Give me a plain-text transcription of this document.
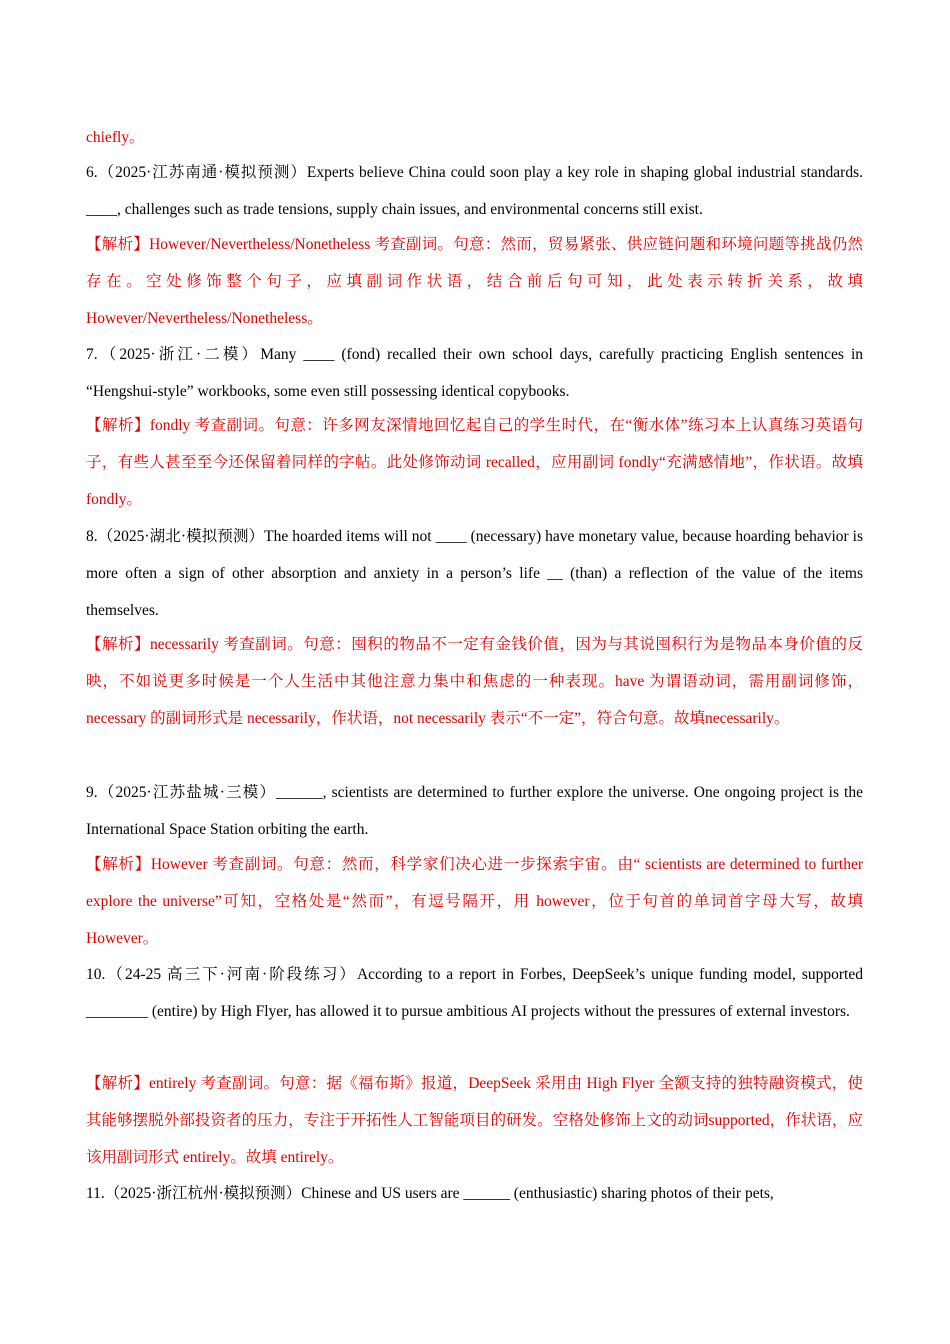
chiefly。

6.（2025·江苏南通·模拟预测）Experts believe China could soon play a key role in shaping global industrial standards. ____, challenges such as trade tensions, supply chain issues, and environmental concerns still exist.

【解析】However/Nevertheless/Nonetheless 考查副词。句意：然而，贸易紧张、供应链问题和环境问题等挑战仍然存在。空处修饰整个句子，应填副词作状语，结合前后句可知，此处表示转折关系，故填However/Nevertheless/Nonetheless。

7.（2025·浙江·二模）Many ____ (fond) recalled their own school days, carefully practicing English sentences in “Hengshui-style” workbooks, some even still possessing identical copybooks.

【解析】fondly 考查副词。句意：许多网友深情地回忆起自己的学生时代，在“衡水体”练习本上认真练习英语句子，有些人甚至至今还保留着同样的字帖。此处修饰动词 recalled，应用副词 fondly“充满感情地”，作状语。故填 fondly。

8.（2025·湖北·模拟预测）The hoarded items will not ____ (necessary) have monetary value, because hoarding behavior is more often a sign of other absorption and anxiety in a person’s life __ (than) a reflection of the value of the items themselves.

【解析】necessarily 考查副词。句意：囤积的物品不一定有金钱价值，因为与其说囤积行为是物品本身价值的反映，不如说更多时候是一个人生活中其他注意力集中和焦虑的一种表现。have 为谓语动词，需用副词修饰，necessary 的副词形式是 necessarily，作状语，not necessarily 表示“不一定”，符合句意。故填necessarily。

9.（2025·江苏盐城·三模）______, scientists are determined to further explore the universe. One ongoing project is the International Space Station orbiting the earth.

【解析】However 考查副词。句意：然而，科学家们决心进一步探索宇宙。由“ scientists are determined to further explore the universe”可知，空格处是“然而”，有逗号隔开，用 however，位于句首的单词首字母大写，故填 However。

10.（24-25 高三下·河南·阶段练习）According to a report in Forbes, DeepSeek’s unique funding model, supported ________ (entire) by High Flyer, has allowed it to pursue ambitious AI projects without the pressures of external investors.

【解析】entirely 考查副词。句意：据《福布斯》报道，DeepSeek 采用由 High Flyer 全额支持的独特融资模式，使其能够摆脱外部投资者的压力，专注于开拓性人工智能项目的研发。空格处修饰上文的动词supported，作状语，应该用副词形式 entirely。故填 entirely。

11.（2025·浙江杭州·模拟预测）Chinese and US users are ______ (enthusiastic) sharing photos of their pets,
